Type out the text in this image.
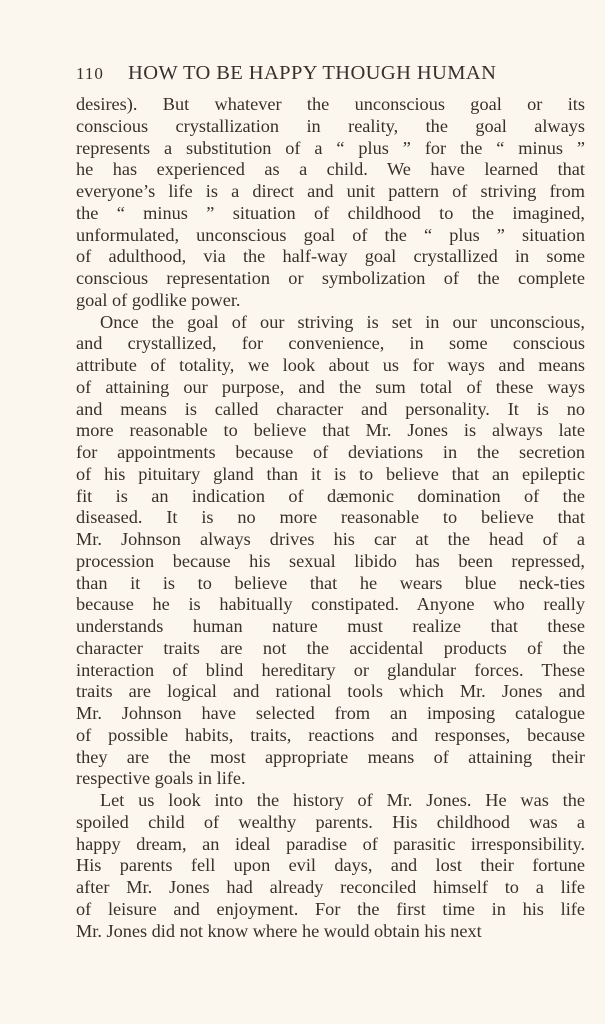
110	HOW TO BE HAPPY THOUGH HUMAN
desires). But whatever the unconscious goal or its
conscious crystallization in reality, the goal always
represents a substitution of a “ plus ” for the “ minus ”
he has experienced as a child. We have learned that
everyone’s life is a direct and unit pattern of striving from
the “ minus ” situation of childhood to the imagined,
unformulated, unconscious goal of the “ plus ” situation
of adulthood, via the half-way goal crystallized in some
conscious representation or symbolization of the complete
goal of godlike power.
Once the goal of our striving is set in our unconscious,
and crystallized, for convenience, in some conscious
attribute of totality, we look about us for ways and means
of attaining our purpose, and the sum total of these ways
and means is called character and personality. It is no
more reasonable to believe that Mr. Jones is always late
for appointments because of deviations in the secretion
of his pituitary gland than it is to believe that an epileptic
fit is an indication of dæmonic domination of the
diseased. It is no more reasonable to believe that
Mr. Johnson always drives his car at the head of a
procession because his sexual libido has been repressed,
than it is to believe that he wears blue neck-ties
because he is habitually constipated. Anyone who really
understands human nature must realize that these
character traits are not the accidental products of the
interaction of blind hereditary or glandular forces. These
traits are logical and rational tools which Mr. Jones and
Mr. Johnson have selected from an imposing catalogue
of possible habits, traits, reactions and responses, because
they are the most appropriate means of attaining their
respective goals in life.
Let us look into the history of Mr. Jones. He was the
spoiled child of wealthy parents. His childhood was a
happy dream, an ideal paradise of parasitic irresponsibility.
His parents fell upon evil days, and lost their fortune
after Mr. Jones had already reconciled himself to a life
of leisure and enjoyment. For the first time in his life
Mr. Jones did not know where he would obtain his next
